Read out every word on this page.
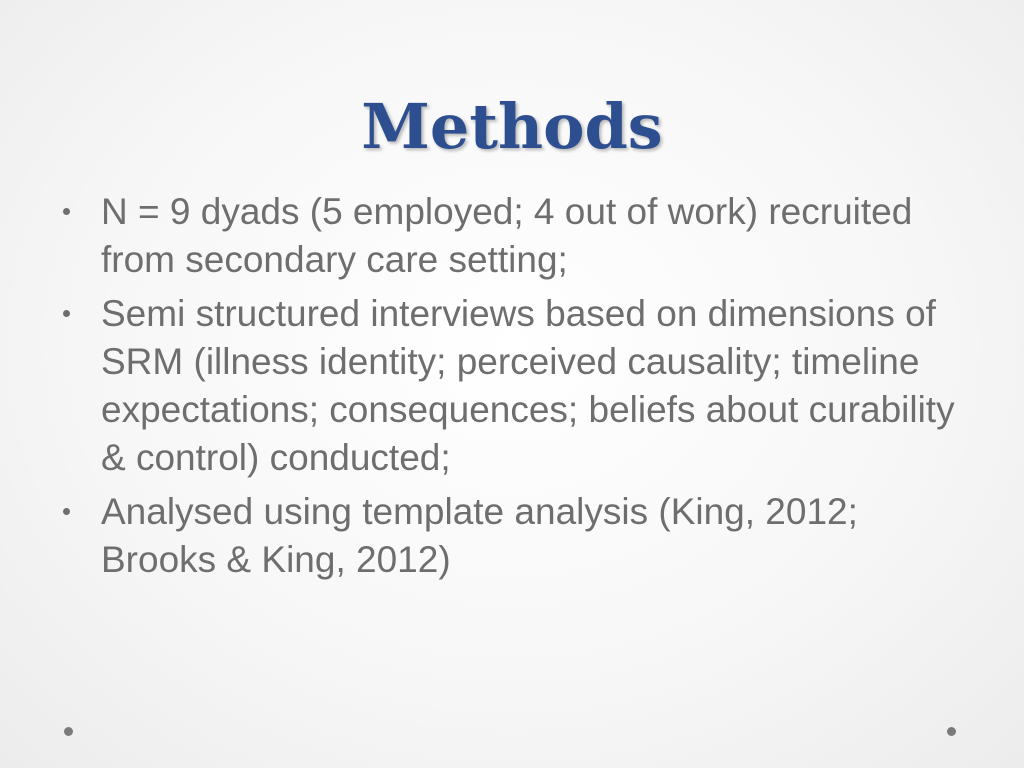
Methods
N = 9 dyads (5 employed; 4 out of work) recruited from secondary care setting;
Semi structured interviews based on dimensions of SRM (illness identity; perceived causality; timeline expectations; consequences; beliefs about curability & control) conducted;
Analysed using template analysis (King, 2012; Brooks & King, 2012)
